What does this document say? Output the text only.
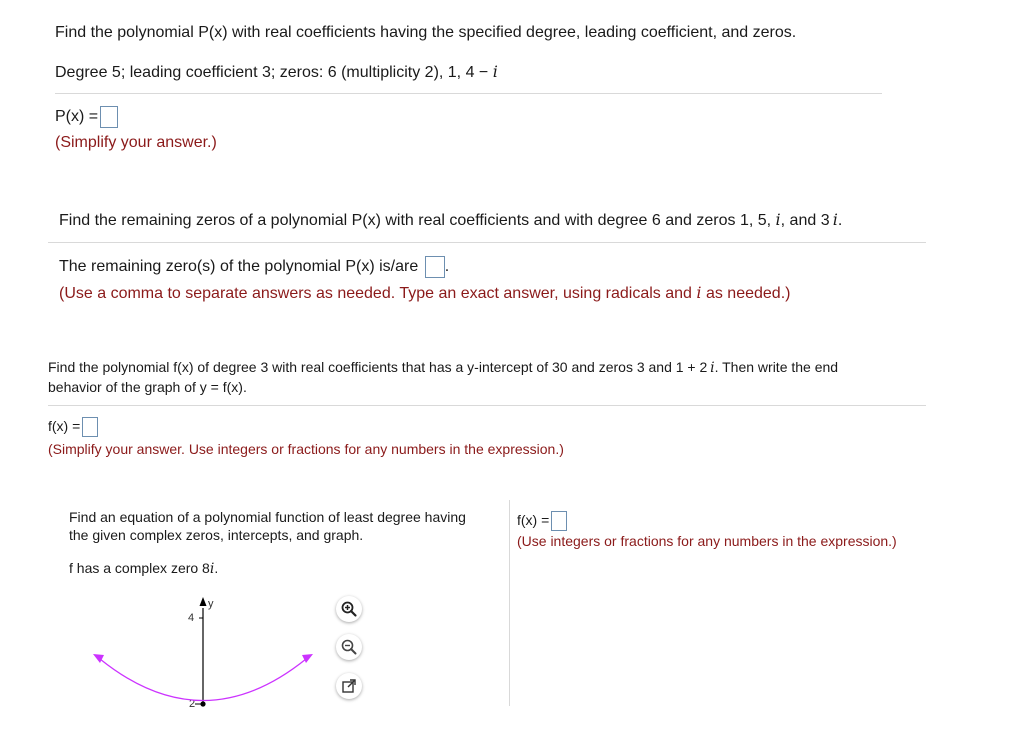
Find the polynomial P(x) with real coefficients having the specified degree, leading coefficient, and zeros.
Degree 5; leading coefficient 3; zeros: 6 (multiplicity 2), 1, 4 − i
P(x) =
(Simplify your answer.)
Find the remaining zeros of a polynomial P(x) with real coefficients and with degree 6 and zeros 1, 5, i, and 3  i.
The remaining zero(s) of the polynomial P(x) is/are .
(Use a comma to separate answers as needed. Type an exact answer, using radicals and i as needed.)
Find the polynomial f(x) of degree 3 with real coefficients that has a y-intercept of 30 and zeros 3 and 1 + 2  i. Then write the end
behavior of the graph of y = f(x).
f(x) =
(Simplify your answer. Use integers or fractions for any numbers in the expression.)
Find an equation of a polynomial function of least degree having
the given complex zeros, intercepts, and graph.
f has a complex zero 8i.
f(x) =
(Use integers or fractions for any numbers in the expression.)
y
4
2
